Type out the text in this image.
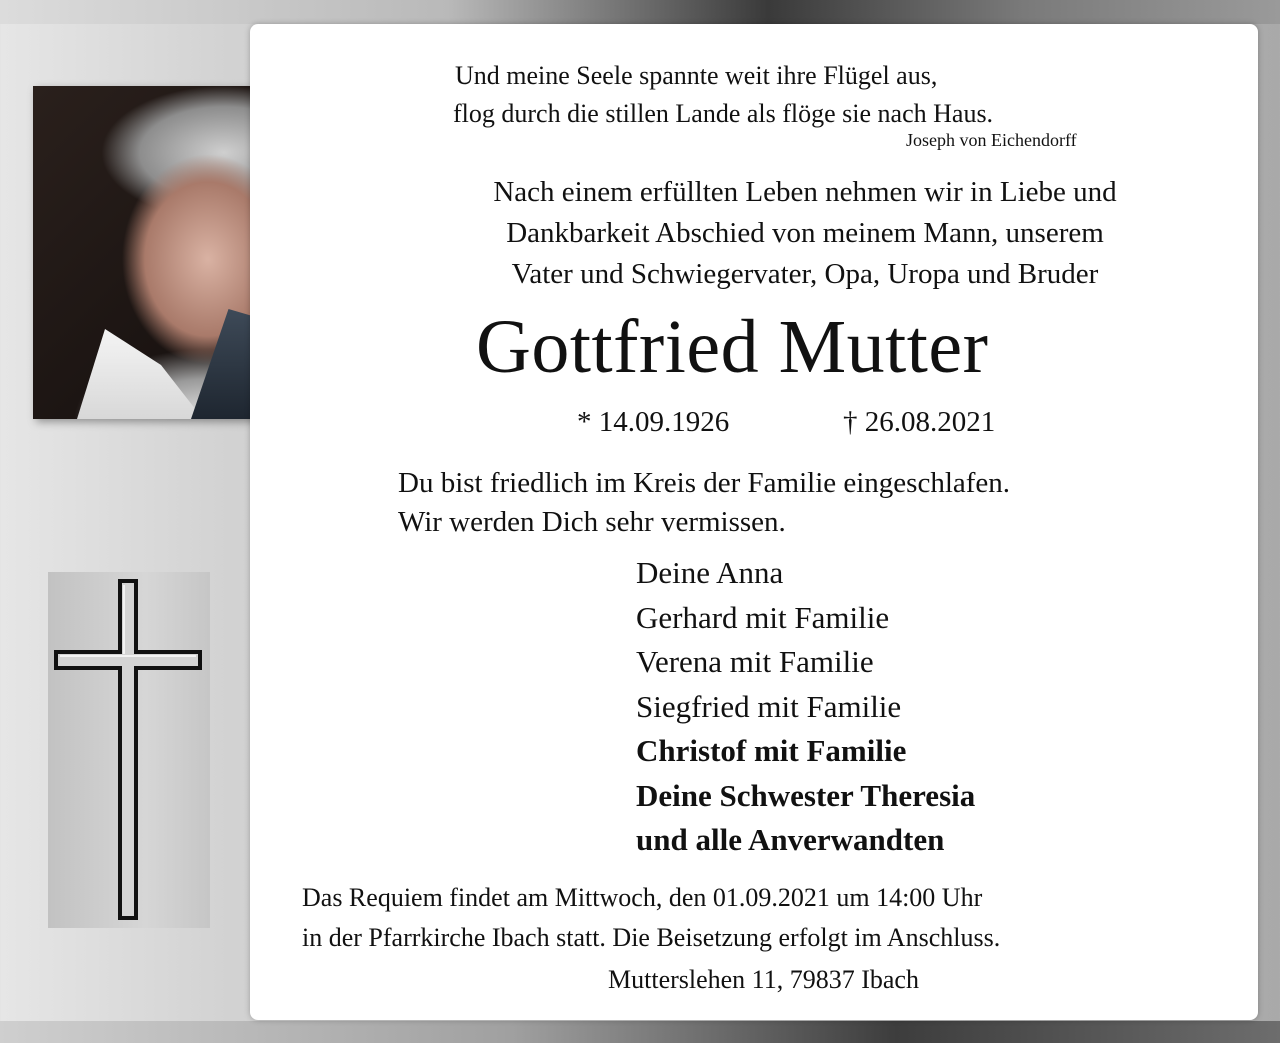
Und meine Seele spannte weit ihre Flügel aus,
flog durch die stillen Lande als flöge sie nach Haus.
Joseph von Eichendorff
Nach einem erfüllten Leben nehmen wir in Liebe und
Dankbarkeit Abschied von meinem Mann, unserem
Vater und Schwiegervater, Opa, Uropa und Bruder
Gottfried Mutter
* 14.09.1926	† 26.08.2021
Du bist friedlich im Kreis der Familie eingeschlafen.
Wir werden Dich sehr vermissen.
Deine Anna
Gerhard mit Familie
Verena mit Familie
Siegfried mit Familie
Christof mit Familie
Deine Schwester Theresia
und alle Anverwandten
Das Requiem findet am Mittwoch, den 01.09.2021 um 14:00 Uhr
in der Pfarrkirche Ibach statt. Die Beisetzung erfolgt im Anschluss.
Mutterslehen 11, 79837 Ibach
